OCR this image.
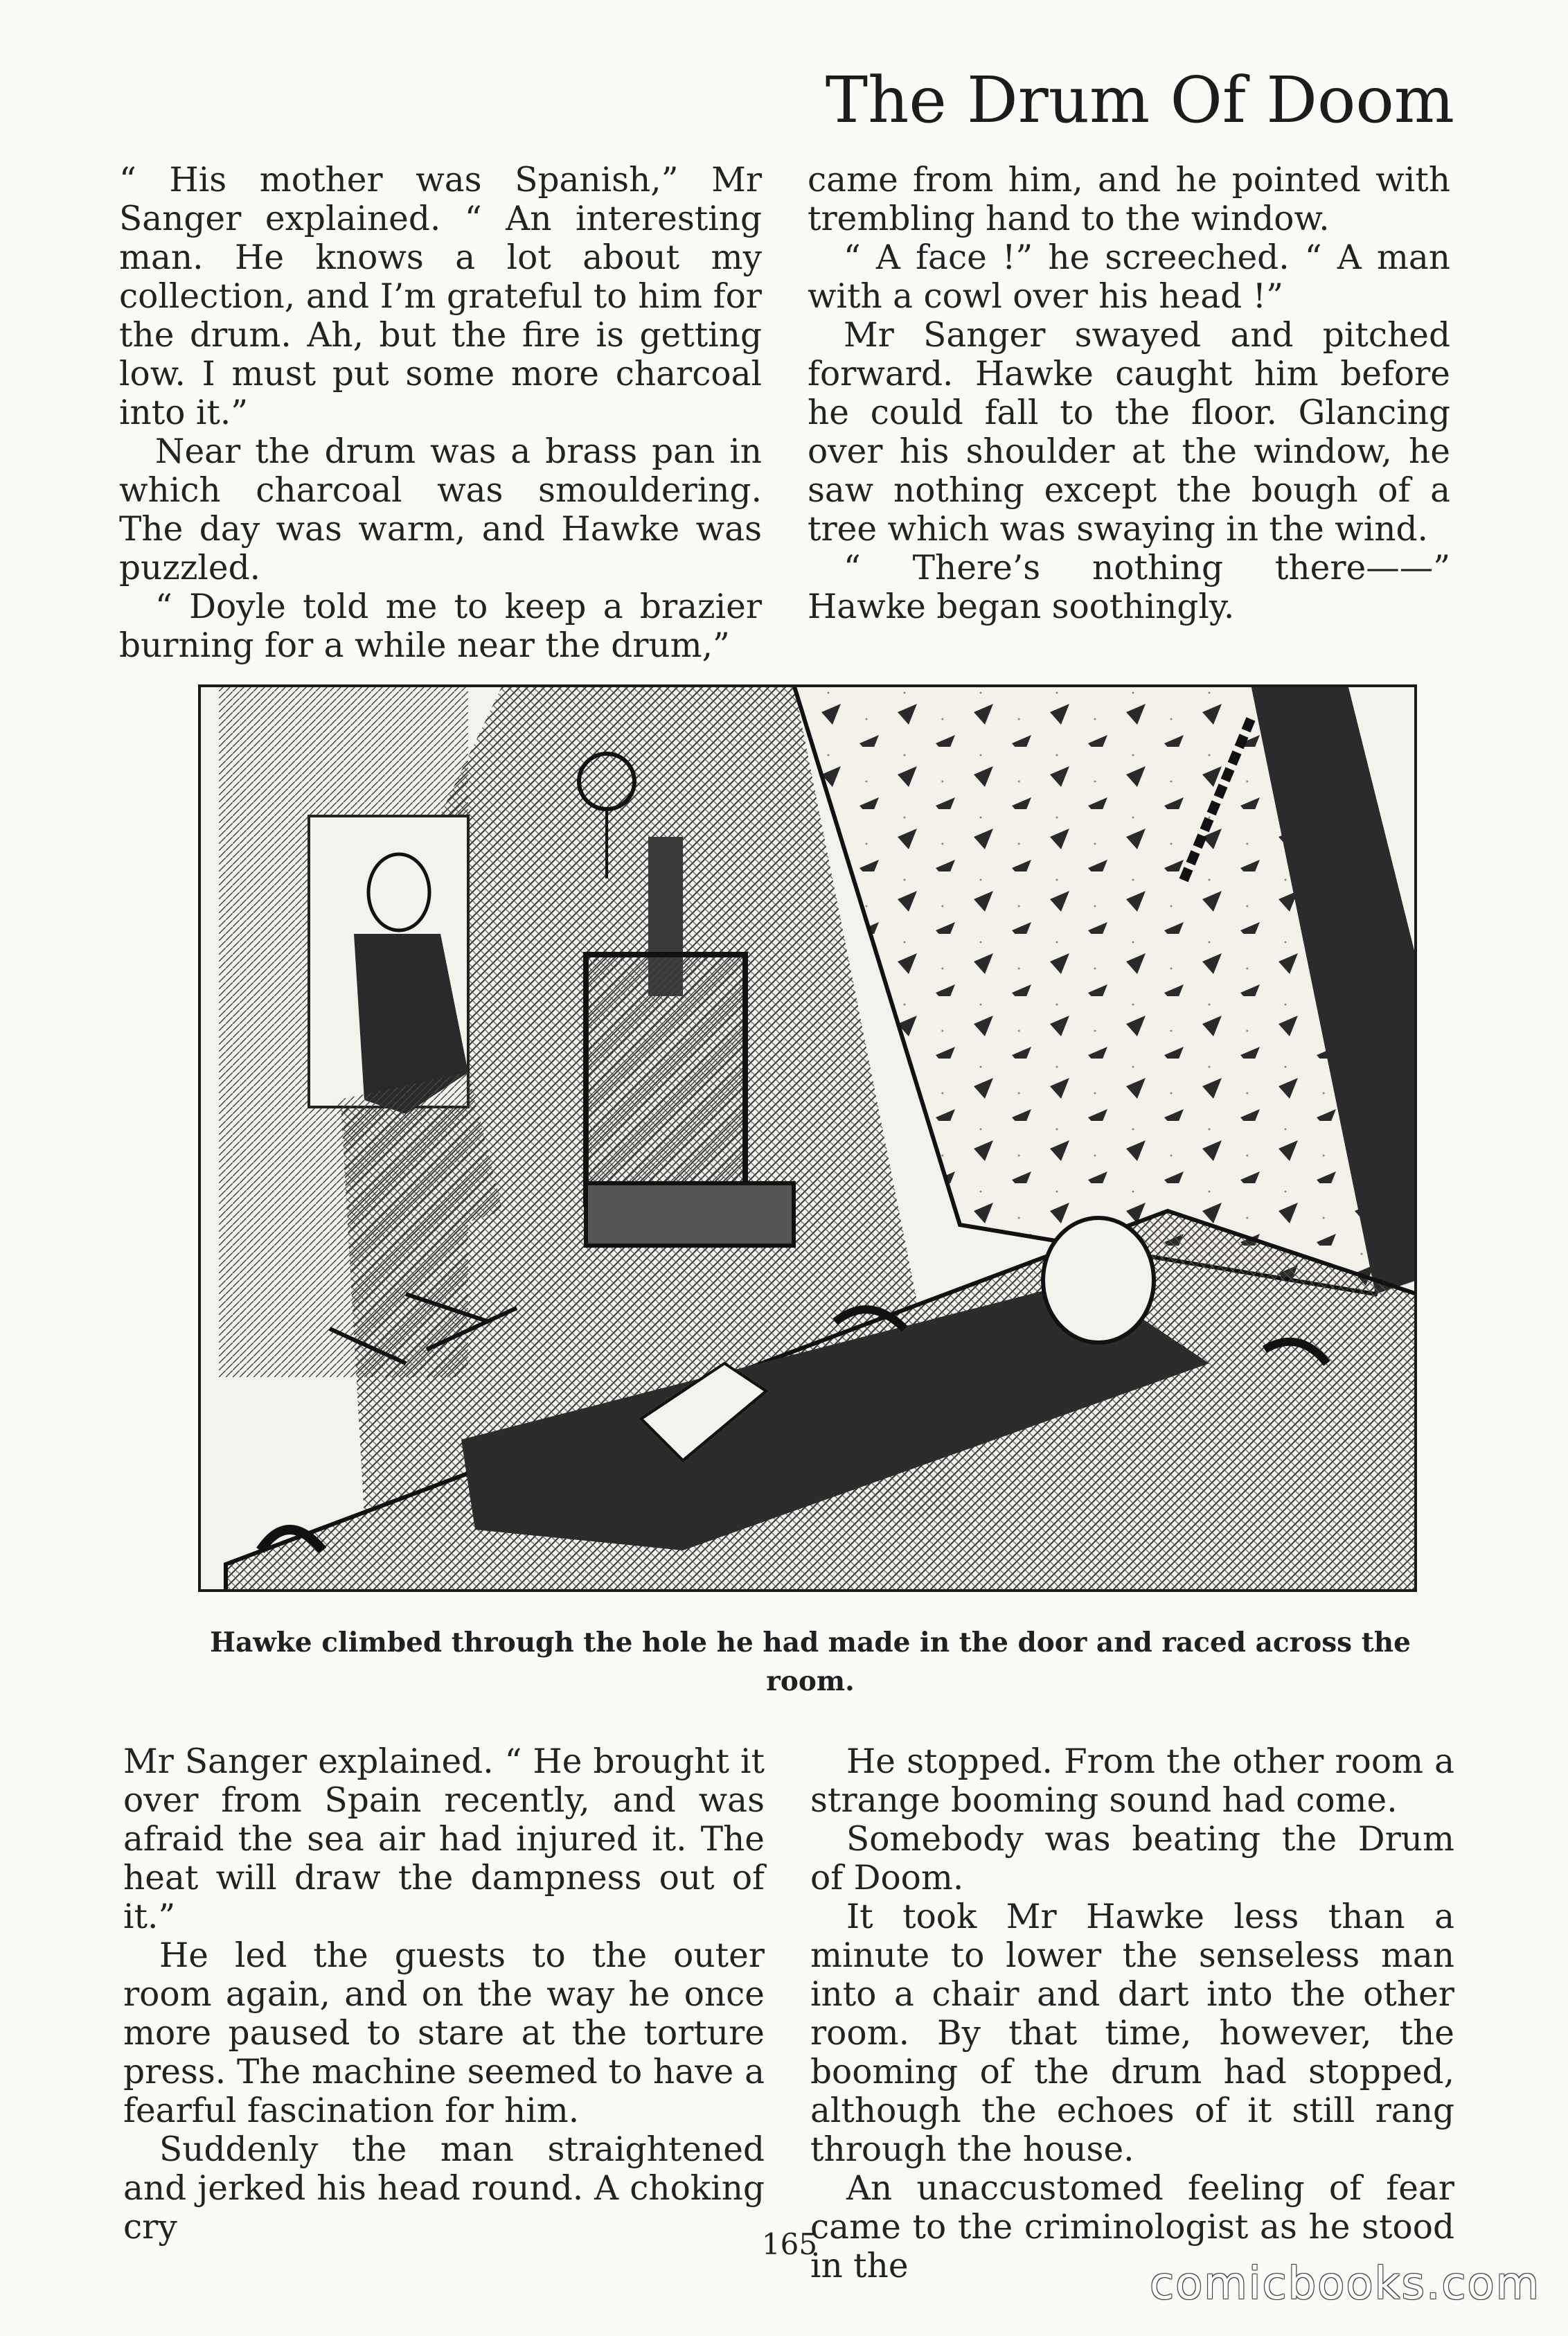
The Drum Of Doom

“ His mother was Spanish,” Mr Sanger explained. “ An interesting man. He knows a lot about my collection, and I’m grateful to him for the drum. Ah, but the fire is getting low. I must put some more charcoal into it.”

Near the drum was a brass pan in which charcoal was smouldering. The day was warm, and Hawke was puzzled.

“ Doyle told me to keep a brazier burning for a while near the drum,”

came from him, and he pointed with trembling hand to the window.

“ A face !” he screeched. “ A man with a cowl over his head !”

Mr Sanger swayed and pitched forward. Hawke caught him before he could fall to the floor. Glancing over his shoulder at the window, he saw nothing except the bough of a tree which was swaying in the wind.

“ There’s nothing there——” Hawke began soothingly.

Hawke climbed through the hole he had made in the door and raced across the room.

Mr Sanger explained. “ He brought it over from Spain recently, and was afraid the sea air had injured it. The heat will draw the dampness out of it.”

He led the guests to the outer room again, and on the way he once more paused to stare at the torture press. The machine seemed to have a fearful fascination for him.

Suddenly the man straightened and jerked his head round. A choking cry

He stopped. From the other room a strange booming sound had come.

Somebody was beating the Drum of Doom.

It took Mr Hawke less than a minute to lower the senseless man into a chair and dart into the other room. By that time, however, the booming of the drum had stopped, although the echoes of it still rang through the house.

An unaccustomed feeling of fear came to the criminologist as he stood in the

165
comicbooks.com
